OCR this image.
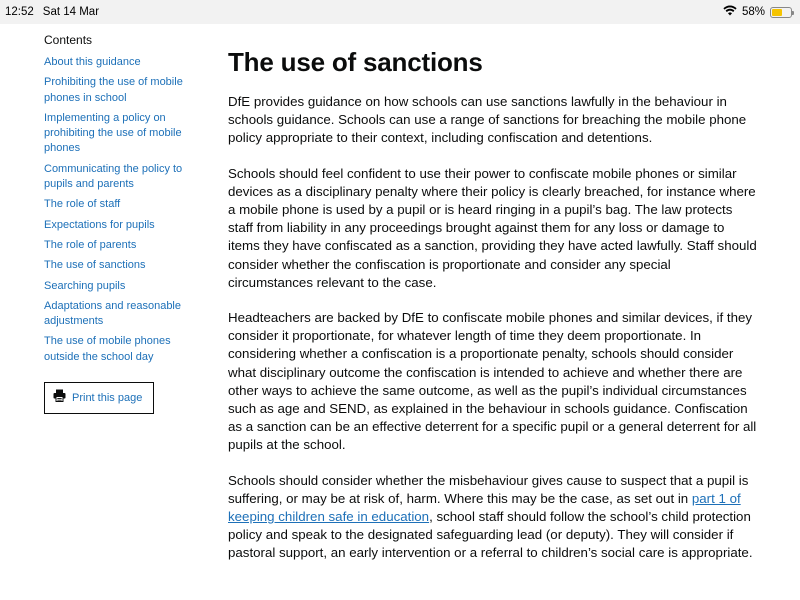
12:52 Sat 14 Mar	58%
Contents
About this guidance
Prohibiting the use of mobile phones in school
Implementing a policy on prohibiting the use of mobile phones
Communicating the policy to pupils and parents
The role of staff
Expectations for pupils
The role of parents
The use of sanctions
Searching pupils
Adaptations and reasonable adjustments
The use of mobile phones outside the school day
Print this page
The use of sanctions

DfE provides guidance on how schools can use sanctions lawfully in the behaviour in schools guidance. Schools can use a range of sanctions for breaching the mobile phone policy appropriate to their context, including confiscation and detentions.

Schools should feel confident to use their power to confiscate mobile phones or similar devices as a disciplinary penalty where their policy is clearly breached, for instance where a mobile phone is used by a pupil or is heard ringing in a pupil’s bag. The law protects staff from liability in any proceedings brought against them for any loss or damage to items they have confiscated as a sanction, providing they have acted lawfully. Staff should consider whether the confiscation is proportionate and consider any special circumstances relevant to the case.

Headteachers are backed by DfE to confiscate mobile phones and similar devices, if they consider it proportionate, for whatever length of time they deem proportionate. In considering whether a confiscation is a proportionate penalty, schools should consider what disciplinary outcome the confiscation is intended to achieve and whether there are other ways to achieve the same outcome, as well as the pupil’s individual circumstances such as age and SEND, as explained in the behaviour in schools guidance. Confiscation as a sanction can be an effective deterrent for a specific pupil or a general deterrent for all pupils at the school.

Schools should consider whether the misbehaviour gives cause to suspect that a pupil is suffering, or may be at risk of, harm. Where this may be the case, as set out in part 1 of keeping children safe in education, school staff should follow the school’s child protection policy and speak to the designated safeguarding lead (or deputy). They will consider if pastoral support, an early intervention or a referral to children’s social care is appropriate.
